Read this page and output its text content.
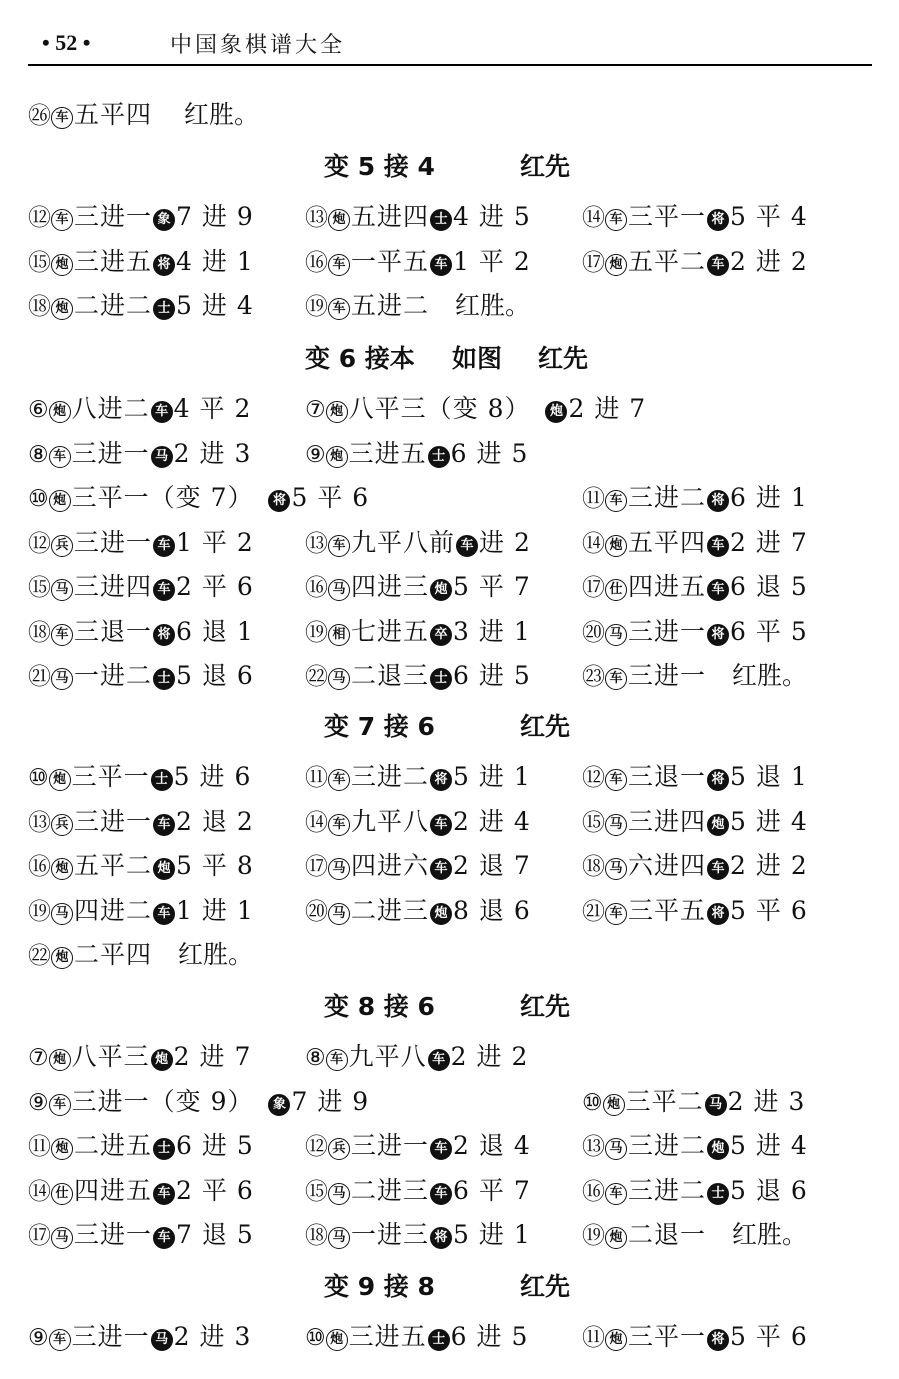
• 52 •	中国象棋谱大全
㉖ 车 五平四 红胜。
变 5 接 4	红先
⑫ 车 三进一 象 7 进 9 ⑬ 炮 五进四 士 4 进 5 ⑭ 车 三平一 将 5 平 4
⑮ 炮 三进五 将 4 进 1 ⑯ 车 一平五 车 1 平 2 ⑰ 炮 五平二 车 2 进 2
⑱ 炮 二进二 士 5 进 4 ⑲ 车 五进二 红胜。
变 6 接本 如图 红先
⑥ 炮 八进二 车 4 平 2 ⑦ 炮 八平三（变 8） 炮 2 进 7
⑧ 车 三进一 马 2 进 3 ⑨ 炮 三进五 士 6 进 5
⑩ 炮 三平一（变 7） 将 5 平 6	⑪ 车 三进二 将 6 进 1
⑫ 兵 三进一 车 1 平 2 ⑬ 车 九平八前 车 进 2 ⑭ 炮 五平四 车 2 进 7
⑮ 马 三进四 车 2 平 6 ⑯ 马 四进三 炮 5 平 7 ⑰ 仕 四进五 车 6 退 5
⑱ 车 三退一 将 6 退 1 ⑲ 相 七进五 卒 3 进 1 ⑳ 马 三进一 将 6 平 5
㉑ 马 一进二 士 5 退 6 ㉒ 马 二退三 士 6 进 5 ㉓ 车 三进一 红胜。
变 7 接 6	红先
⑩ 炮 三平一 士 5 进 6 ⑪ 车 三进二 将 5 进 1 ⑫ 车 三退一 将 5 退 1
⑬ 兵 三进一 车 2 退 2 ⑭ 车 九平八 车 2 进 4 ⑮ 马 三进四 炮 5 进 4
⑯ 炮 五平二 炮 5 平 8 ⑰ 马 四进六 车 2 退 7 ⑱ 马 六进四 车 2 进 2
⑲ 马 四进二 车 1 进 1 ⑳ 马 二进三 炮 8 退 6 ㉑ 车 三平五 将 5 平 6
㉒ 炮 二平四 红胜。
变 8 接 6	红先
⑦ 炮 八平三 炮 2 进 7 ⑧ 车 九平八 车 2 进 2
⑨ 车 三进一（变 9） 象 7 进 9	⑩ 炮 三平二 马 2 进 3
⑪ 炮 二进五 士 6 进 5 ⑫ 兵 三进一 车 2 退 4 ⑬ 马 三进二 炮 5 进 4
⑭ 仕 四进五 车 2 平 6 ⑮ 马 二进三 车 6 平 7 ⑯ 车 三进二 士 5 退 6
⑰ 马 三进一 车 7 退 5 ⑱ 马 一进三 将 5 进 1 ⑲ 炮 二退一 红胜。
变 9 接 8	红先
⑨ 车 三进一 马 2 进 3 ⑩ 炮 三进五 士 6 进 5 ⑪ 炮 三平一 将 5 平 6
